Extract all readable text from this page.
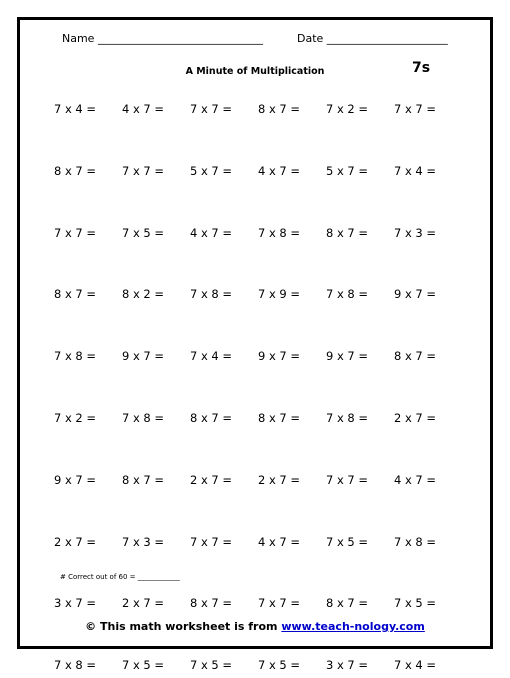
Name ______________________________	Date ______________________
A Minute of Multiplication	7s
7 x 4 =	4 x 7 =	7 x 7 =	8 x 7 =	7 x 2 =	7 x 7 =
8 x 7 =	7 x 7 =	5 x 7 =	4 x 7 =	5 x 7 =	7 x 4 =
7 x 7 =	7 x 5 =	4 x 7 =	7 x 8 =	8 x 7 =	7 x 3 =
8 x 7 =	8 x 2 =	7 x 8 =	7 x 9 =	7 x 8 =	9 x 7 =
7 x 8 =	9 x 7 =	7 x 4 =	9 x 7 =	9 x 7 =	8 x 7 =
7 x 2 =	7 x 8 =	8 x 7 =	8 x 7 =	7 x 8 =	2 x 7 =
9 x 7 =	8 x 7 =	2 x 7 =	2 x 7 =	7 x 7 =	4 x 7 =
2 x 7 =	7 x 3 =	7 x 7 =	4 x 7 =	7 x 5 =	7 x 8 =
3 x 7 =	2 x 7 =	8 x 7 =	7 x 7 =	8 x 7 =	7 x 5 =
7 x 8 =	7 x 5 =	7 x 5 =	7 x 5 =	3 x 7 =	7 x 4 =
# Correct out of 60 = ____________
© This math worksheet is from www.teach-nology.com
